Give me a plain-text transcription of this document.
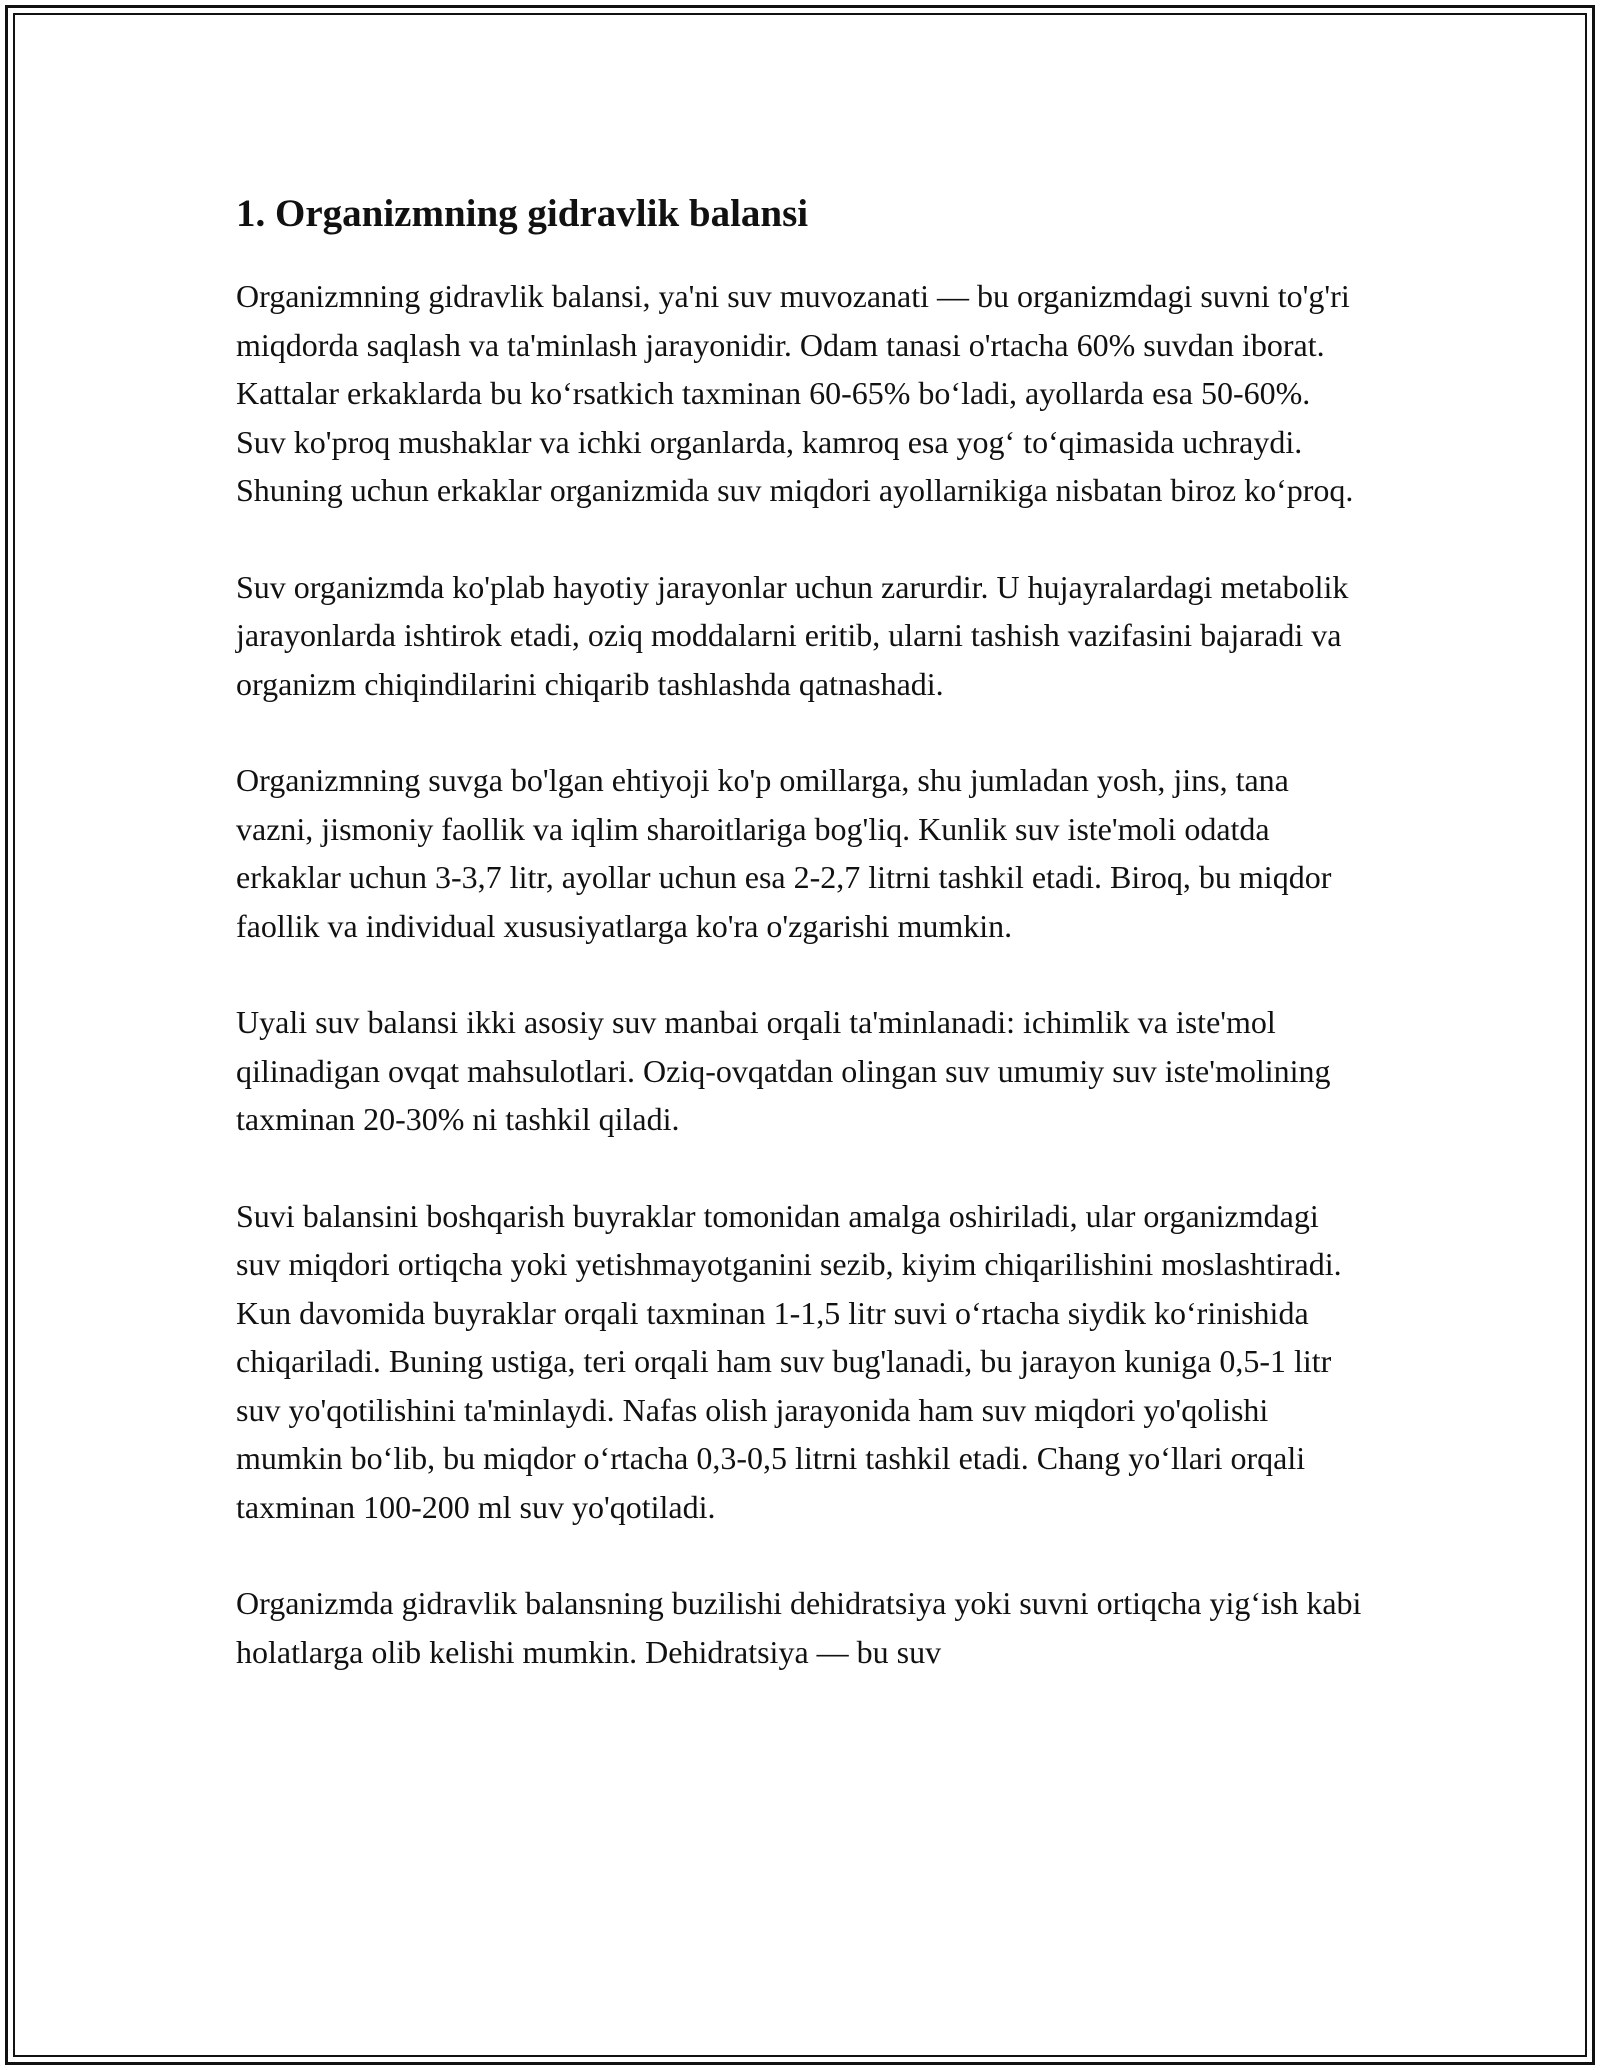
1. Organizmning gidravlik balansi

Organizmning gidravlik balansi, ya'ni suv muvozanati — bu organizmdagi suvni to'g'ri miqdorda saqlash va ta'minlash jarayonidir. Odam tanasi o'rtacha 60% suvdan iborat. Kattalar erkaklarda bu ko‘rsatkich taxminan 60-65% bo‘ladi, ayollarda esa 50-60%. Suv ko'proq mushaklar va ichki organlarda, kamroq esa yog‘ to‘qimasida uchraydi. Shuning uchun erkaklar organizmida suv miqdori ayollarnikiga nisbatan biroz ko‘proq.

Suv organizmda ko'plab hayotiy jarayonlar uchun zarurdir. U hujayralardagi metabolik jarayonlarda ishtirok etadi, oziq moddalarni eritib, ularni tashish vazifasini bajaradi va organizm chiqindilarini chiqarib tashlashda qatnashadi.

Organizmning suvga bo'lgan ehtiyoji ko'p omillarga, shu jumladan yosh, jins, tana vazni, jismoniy faollik va iqlim sharoitlariga bog'liq. Kunlik suv iste'moli odatda erkaklar uchun 3-3,7 litr, ayollar uchun esa 2-2,7 litrni tashkil etadi. Biroq, bu miqdor faollik va individual xususiyatlarga ko'ra o'zgarishi mumkin.

Uyali suv balansi ikki asosiy suv manbai orqali ta'minlanadi: ichimlik va iste'mol qilinadigan ovqat mahsulotlari. Oziq-ovqatdan olingan suv umumiy suv iste'molining taxminan 20-30% ni tashkil qiladi.

Suvi balansini boshqarish buyraklar tomonidan amalga oshiriladi, ular organizmdagi suv miqdori ortiqcha yoki yetishmayotganini sezib, kiyim chiqarilishini moslashtiradi. Kun davomida buyraklar orqali taxminan 1-1,5 litr suvi o‘rtacha siydik ko‘rinishida chiqariladi. Buning ustiga, teri orqali ham suv bug'lanadi, bu jarayon kuniga 0,5-1 litr suv yo'qotilishini ta'minlaydi. Nafas olish jarayonida ham suv miqdori yo'qolishi mumkin bo‘lib, bu miqdor o‘rtacha 0,3-0,5 litrni tashkil etadi. Chang yo‘llari orqali taxminan 100-200 ml suv yo'qotiladi.

Organizmda gidravlik balansning buzilishi dehidratsiya yoki suvni ortiqcha yig‘ish kabi holatlarga olib kelishi mumkin. Dehidratsiya — bu suv
